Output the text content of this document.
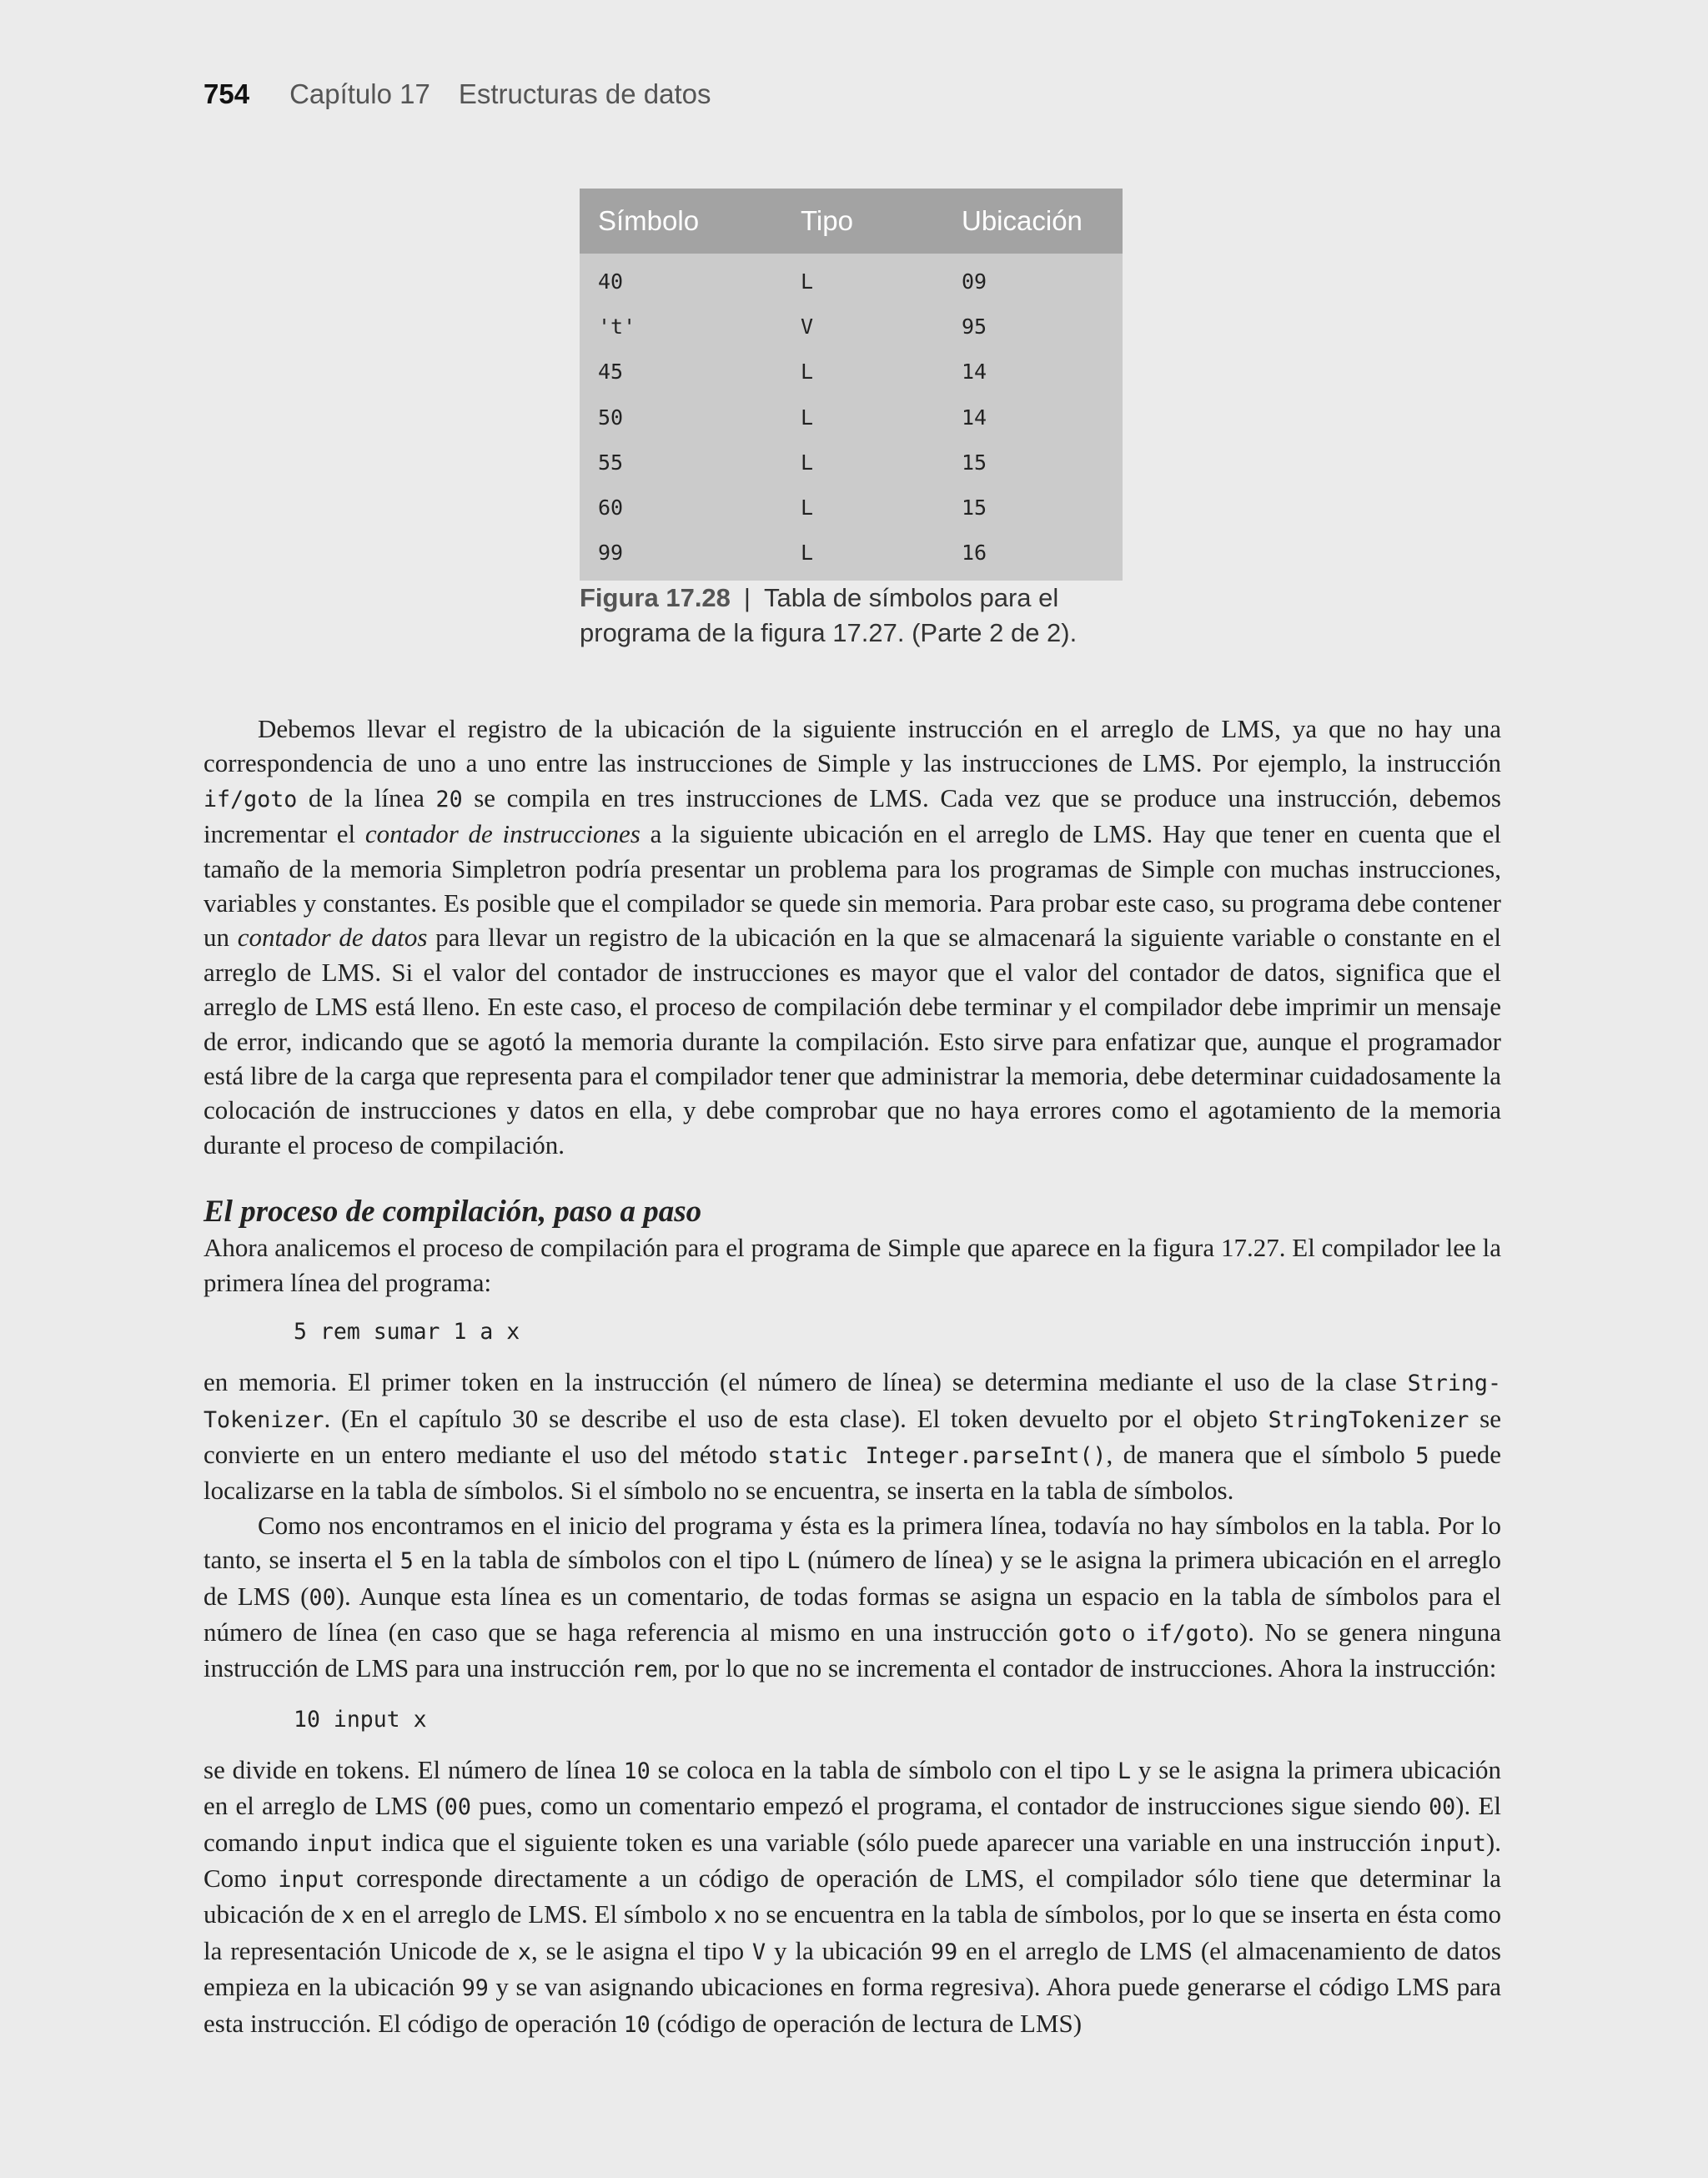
754 Capítulo 17 Estructuras de datos
Símbolo	Tipo	Ubicación
40	L	09
't'	V	95
45	L	14
50	L	14
55	L	15
60	L	15
99	L	16
Figura 17.28 | Tabla de símbolos para el programa de la figura 17.27. (Parte 2 de 2).

Debemos llevar el registro de la ubicación de la siguiente instrucción en el arreglo de LMS, ya que no hay una correspondencia de uno a uno entre las instrucciones de Simple y las instrucciones de LMS. Por ejemplo, la instrucción if/goto de la línea 20 se compila en tres instrucciones de LMS. Cada vez que se produce una instrucción, debemos incrementar el contador de instrucciones a la siguiente ubicación en el arreglo de LMS. Hay que tener en cuenta que el tamaño de la memoria Simpletron podría presentar un problema para los programas de Simple con muchas instrucciones, variables y constantes. Es posible que el compilador se quede sin memoria. Para probar este caso, su programa debe contener un contador de datos para llevar un registro de la ubicación en la que se almacenará la siguiente variable o constante en el arreglo de LMS. Si el valor del contador de instrucciones es mayor que el valor del contador de datos, significa que el arreglo de LMS está lleno. En este caso, el proceso de compilación debe terminar y el compilador debe imprimir un mensaje de error, indicando que se agotó la memoria durante la compilación. Esto sirve para enfatizar que, aunque el programador está libre de la carga que representa para el compilador tener que administrar la memoria, debe determinar cuidadosamente la colocación de instrucciones y datos en ella, y debe comprobar que no haya errores como el agotamiento de la memoria durante el proceso de compilación.

El proceso de compilación, paso a paso

Ahora analicemos el proceso de compilación para el programa de Simple que aparece en la figura 17.27. El compilador lee la primera línea del programa:

5 rem sumar 1 a x

en memoria. El primer token en la instrucción (el número de línea) se determina mediante el uso de la clase String-Tokenizer. (En el capítulo 30 se describe el uso de esta clase). El token devuelto por el objeto StringTokenizer se convierte en un entero mediante el uso del método static Integer.parseInt(), de manera que el símbolo 5 puede localizarse en la tabla de símbolos. Si el símbolo no se encuentra, se inserta en la tabla de símbolos.

Como nos encontramos en el inicio del programa y ésta es la primera línea, todavía no hay símbolos en la tabla. Por lo tanto, se inserta el 5 en la tabla de símbolos con el tipo L (número de línea) y se le asigna la primera ubicación en el arreglo de LMS (00). Aunque esta línea es un comentario, de todas formas se asigna un espacio en la tabla de símbolos para el número de línea (en caso que se haga referencia al mismo en una instrucción goto o if/goto). No se genera ninguna instrucción de LMS para una instrucción rem, por lo que no se incrementa el contador de instrucciones. Ahora la instrucción:

10 input x

se divide en tokens. El número de línea 10 se coloca en la tabla de símbolo con el tipo L y se le asigna la primera ubicación en el arreglo de LMS (00 pues, como un comentario empezó el programa, el contador de instrucciones sigue siendo 00). El comando input indica que el siguiente token es una variable (sólo puede aparecer una variable en una instrucción input). Como input corresponde directamente a un código de operación de LMS, el compilador sólo tiene que determinar la ubicación de x en el arreglo de LMS. El símbolo x no se encuentra en la tabla de símbolos, por lo que se inserta en ésta como la representación Unicode de x, se le asigna el tipo V y la ubicación 99 en el arreglo de LMS (el almacenamiento de datos empieza en la ubicación 99 y se van asignando ubicaciones en forma regresiva). Ahora puede generarse el código LMS para esta instrucción. El código de operación 10 (código de operación de lectura de LMS)
